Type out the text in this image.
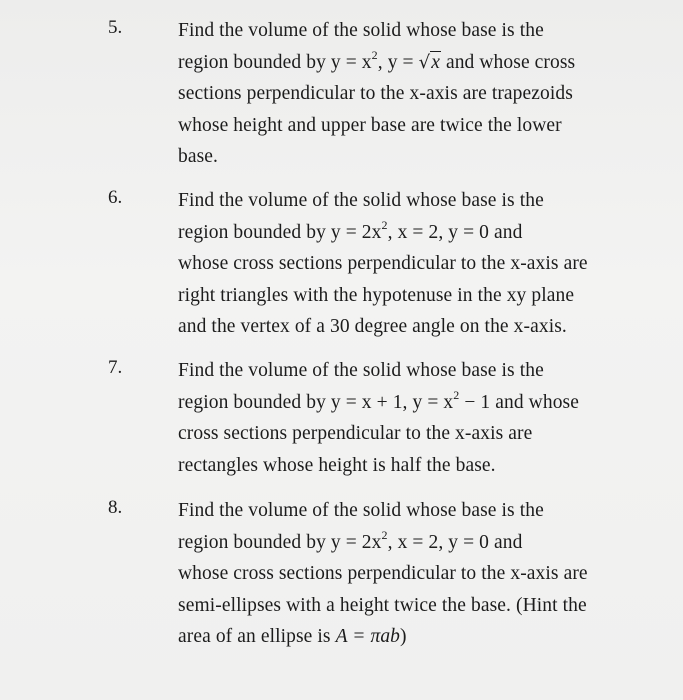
5.	Find the volume of the solid whose base is the
region bounded by $y = x^2$, y = √x and whose cross
sections perpendicular to the x-axis are trapezoids
whose height and upper base are twice the lower
base.
6.	Find the volume of the solid whose base is the
region bounded by $y = 2x^2$, x = 2, y = 0 and
whose cross sections perpendicular to the x-axis are
right triangles with the hypotenuse in the xy plane
and the vertex of a 30 degree angle on the x-axis.
7.	Find the volume of the solid whose base is the
region bounded by y = x + 1, $y = x^2 - 1$ and whose
cross sections perpendicular to the x-axis are
rectangles whose height is half the base.
8.	Find the volume of the solid whose base is the
region bounded by $y = 2x^2$, x = 2, y = 0 and
whose cross sections perpendicular to the x-axis are
semi-ellipses with a height twice the base. (Hint the
area of an ellipse is A = πab)
